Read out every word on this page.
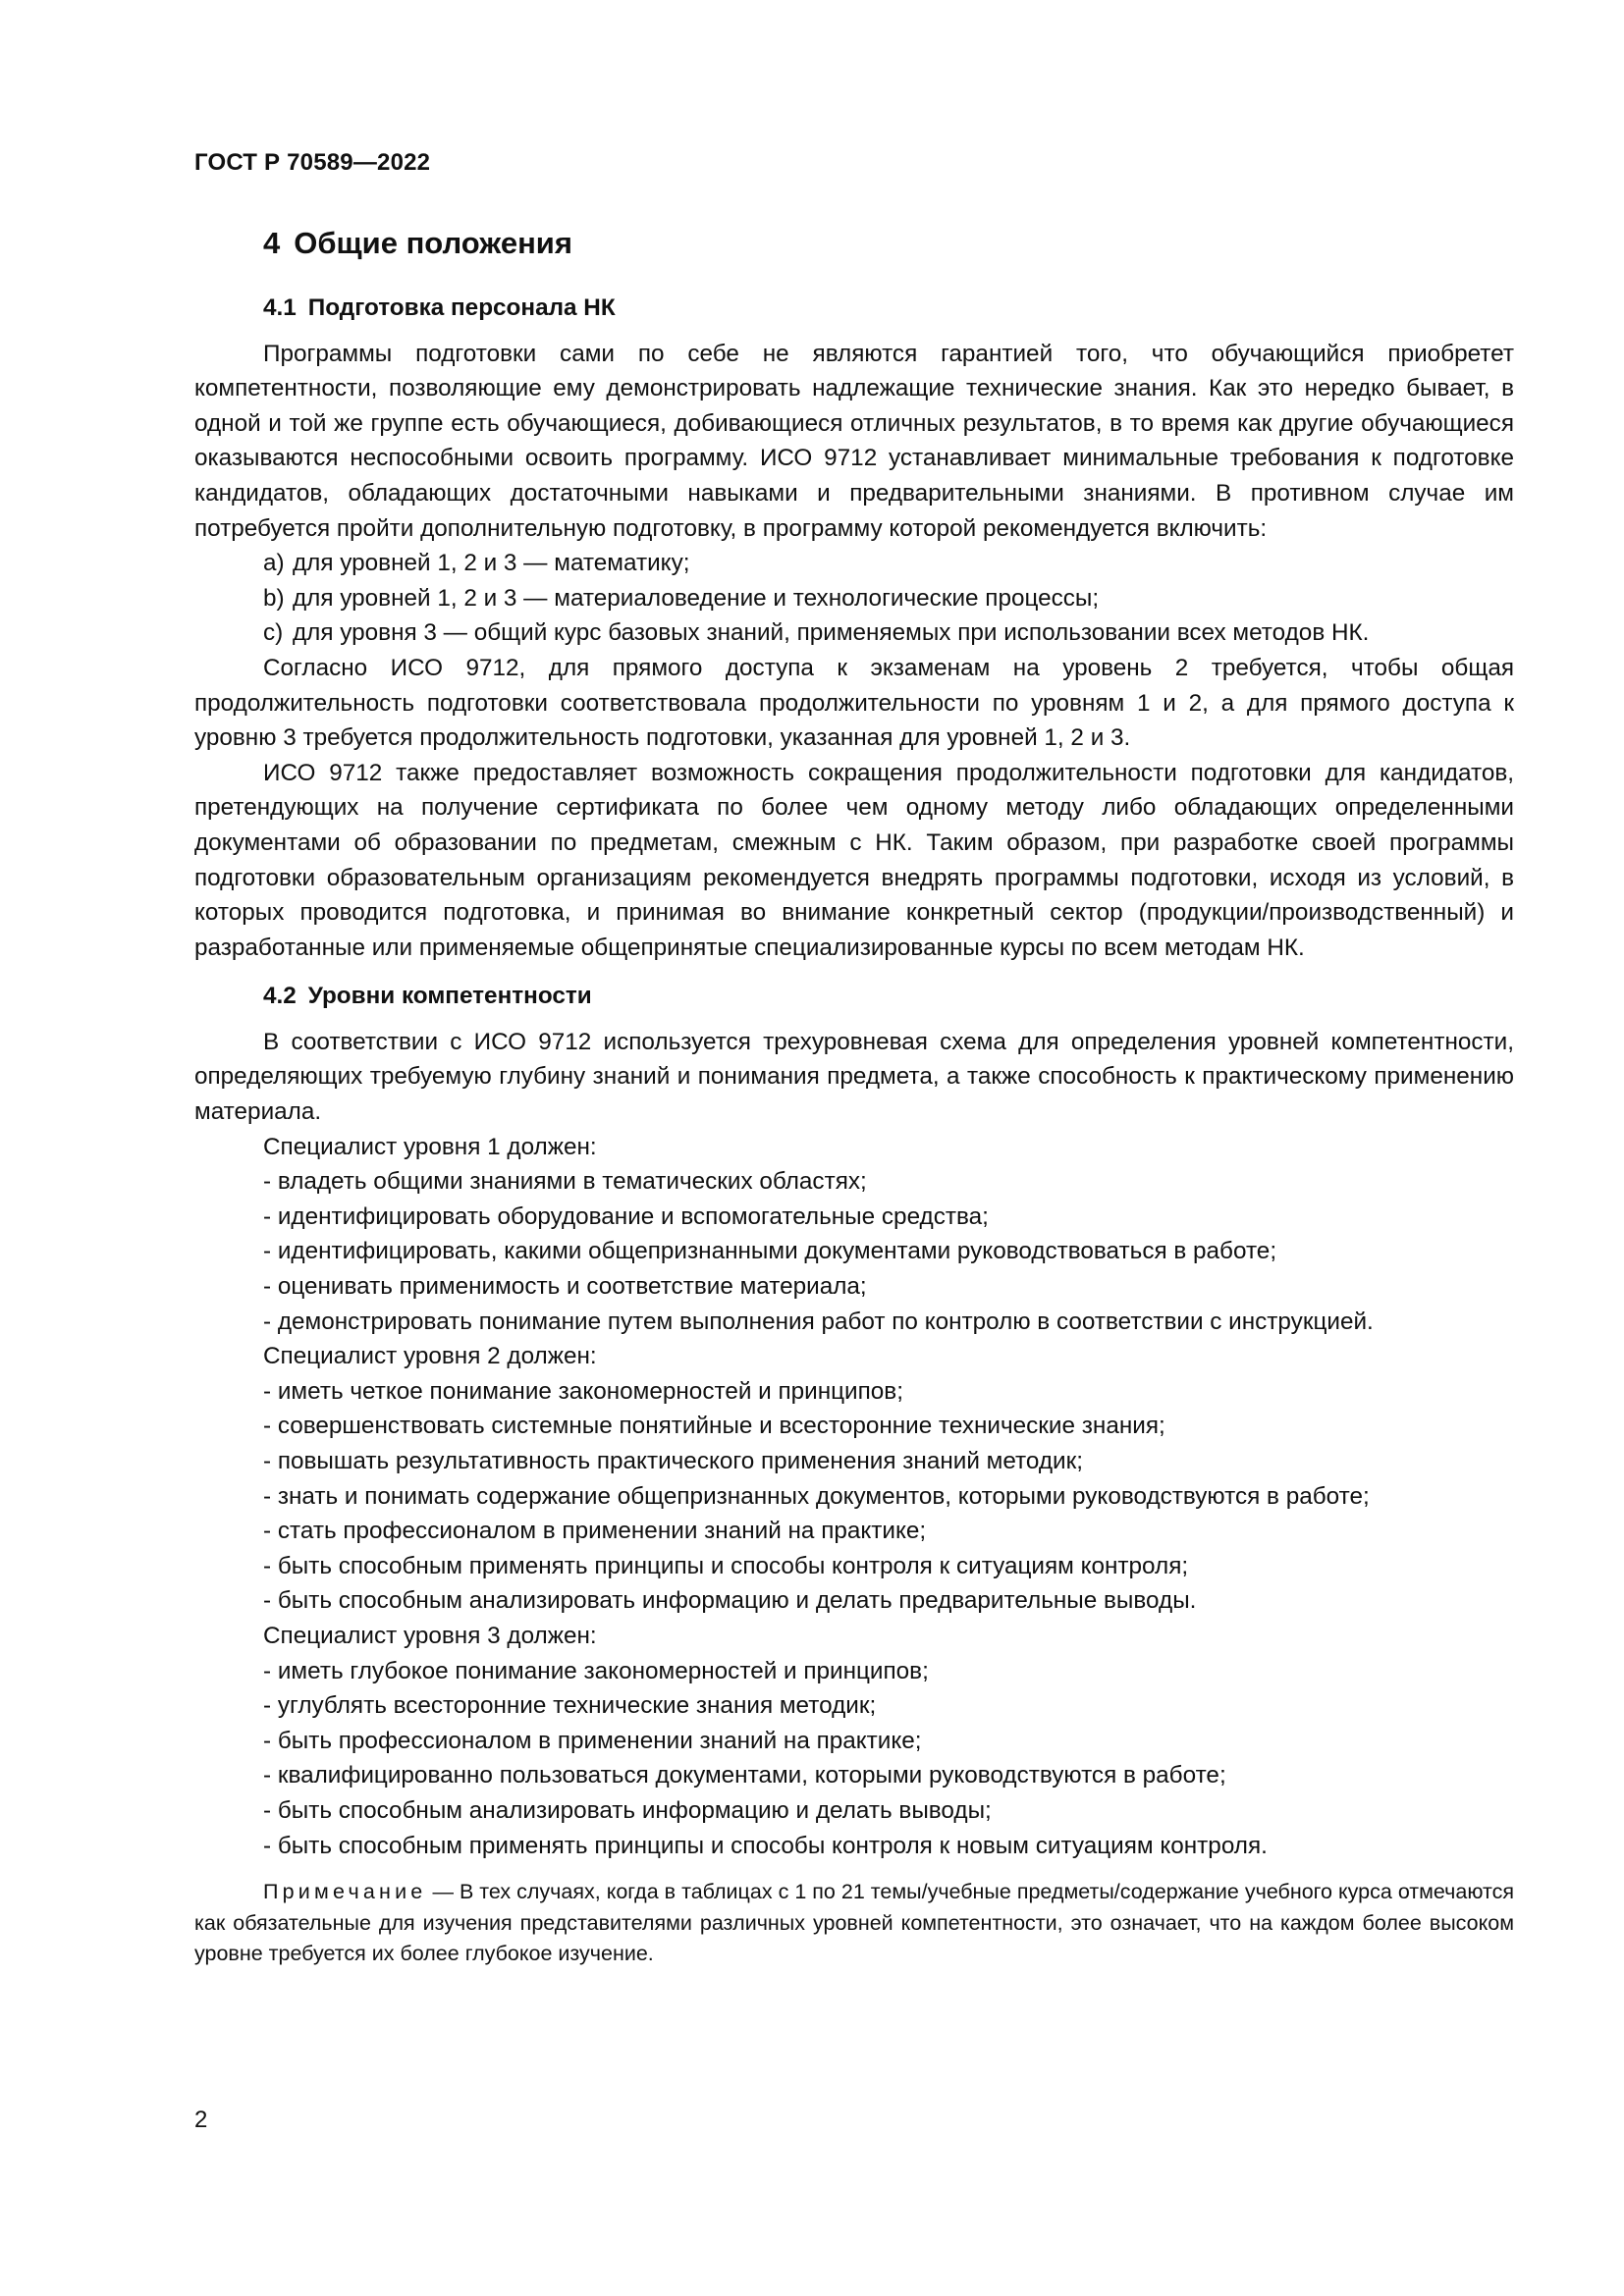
ГОСТ Р 70589—2022
4 Общие положения
4.1 Подготовка персонала НК

Программы подготовки сами по себе не являются гарантией того, что обучающийся приобретет компетентности, позволяющие ему демонстрировать надлежащие технические знания. Как это нередко бывает, в одной и той же группе есть обучающиеся, добивающиеся отличных результатов, в то время как другие обучающиеся оказываются неспособными освоить программу. ИСО 9712 устанавливает минимальные требования к подготовке кандидатов, обладающих достаточными навыками и предварительными знаниями. В противном случае им потребуется пройти дополнительную подготовку, в программу которой рекомендуется включить:

a) для уровней 1, 2 и 3 — математику;

b) для уровней 1, 2 и 3 — материаловедение и технологические процессы;

c) для уровня 3 — общий курс базовых знаний, применяемых при использовании всех методов НК.

Согласно ИСО 9712, для прямого доступа к экзаменам на уровень 2 требуется, чтобы общая продолжительность подготовки соответствовала продолжительности по уровням 1 и 2, а для прямого доступа к уровню 3 требуется продолжительность подготовки, указанная для уровней 1, 2 и 3.

ИСО 9712 также предоставляет возможность сокращения продолжительности подготовки для кандидатов, претендующих на получение сертификата по более чем одному методу либо обладающих определенными документами об образовании по предметам, смежным с НК. Таким образом, при разработке своей программы подготовки образовательным организациям рекомендуется внедрять программы подготовки, исходя из условий, в которых проводится подготовка, и принимая во внимание конкретный сектор (продукции/производственный) и разработанные или применяемые общепринятые специализированные курсы по всем методам НК.

4.2 Уровни компетентности

В соответствии с ИСО 9712 используется трехуровневая схема для определения уровней компетентности, определяющих требуемую глубину знаний и понимания предмета, а также способность к практическому применению материала.

Специалист уровня 1 должен:

- владеть общими знаниями в тематических областях;

- идентифицировать оборудование и вспомогательные средства;

- идентифицировать, какими общепризнанными документами руководствоваться в работе;

- оценивать применимость и соответствие материала;

- демонстрировать понимание путем выполнения работ по контролю в соответствии с инструкцией.

Специалист уровня 2 должен:

- иметь четкое понимание закономерностей и принципов;

- совершенствовать системные понятийные и всесторонние технические знания;

- повышать результативность практического применения знаний методик;

- знать и понимать содержание общепризнанных документов, которыми руководствуются в работе;

- стать профессионалом в применении знаний на практике;

- быть способным применять принципы и способы контроля к ситуациям контроля;

- быть способным анализировать информацию и делать предварительные выводы.

Специалист уровня 3 должен:

- иметь глубокое понимание закономерностей и принципов;

- углублять всесторонние технические знания методик;

- быть профессионалом в применении знаний на практике;

- квалифицированно пользоваться документами, которыми руководствуются в работе;

- быть способным анализировать информацию и делать выводы;

- быть способным применять принципы и способы контроля к новым ситуациям контроля.

Примечание — В тех случаях, когда в таблицах с 1 по 21 темы/учебные предметы/содержание учебного курса отмечаются как обязательные для изучения представителями различных уровней компетентности, это означает, что на каждом более высоком уровне требуется их более глубокое изучение.

2
